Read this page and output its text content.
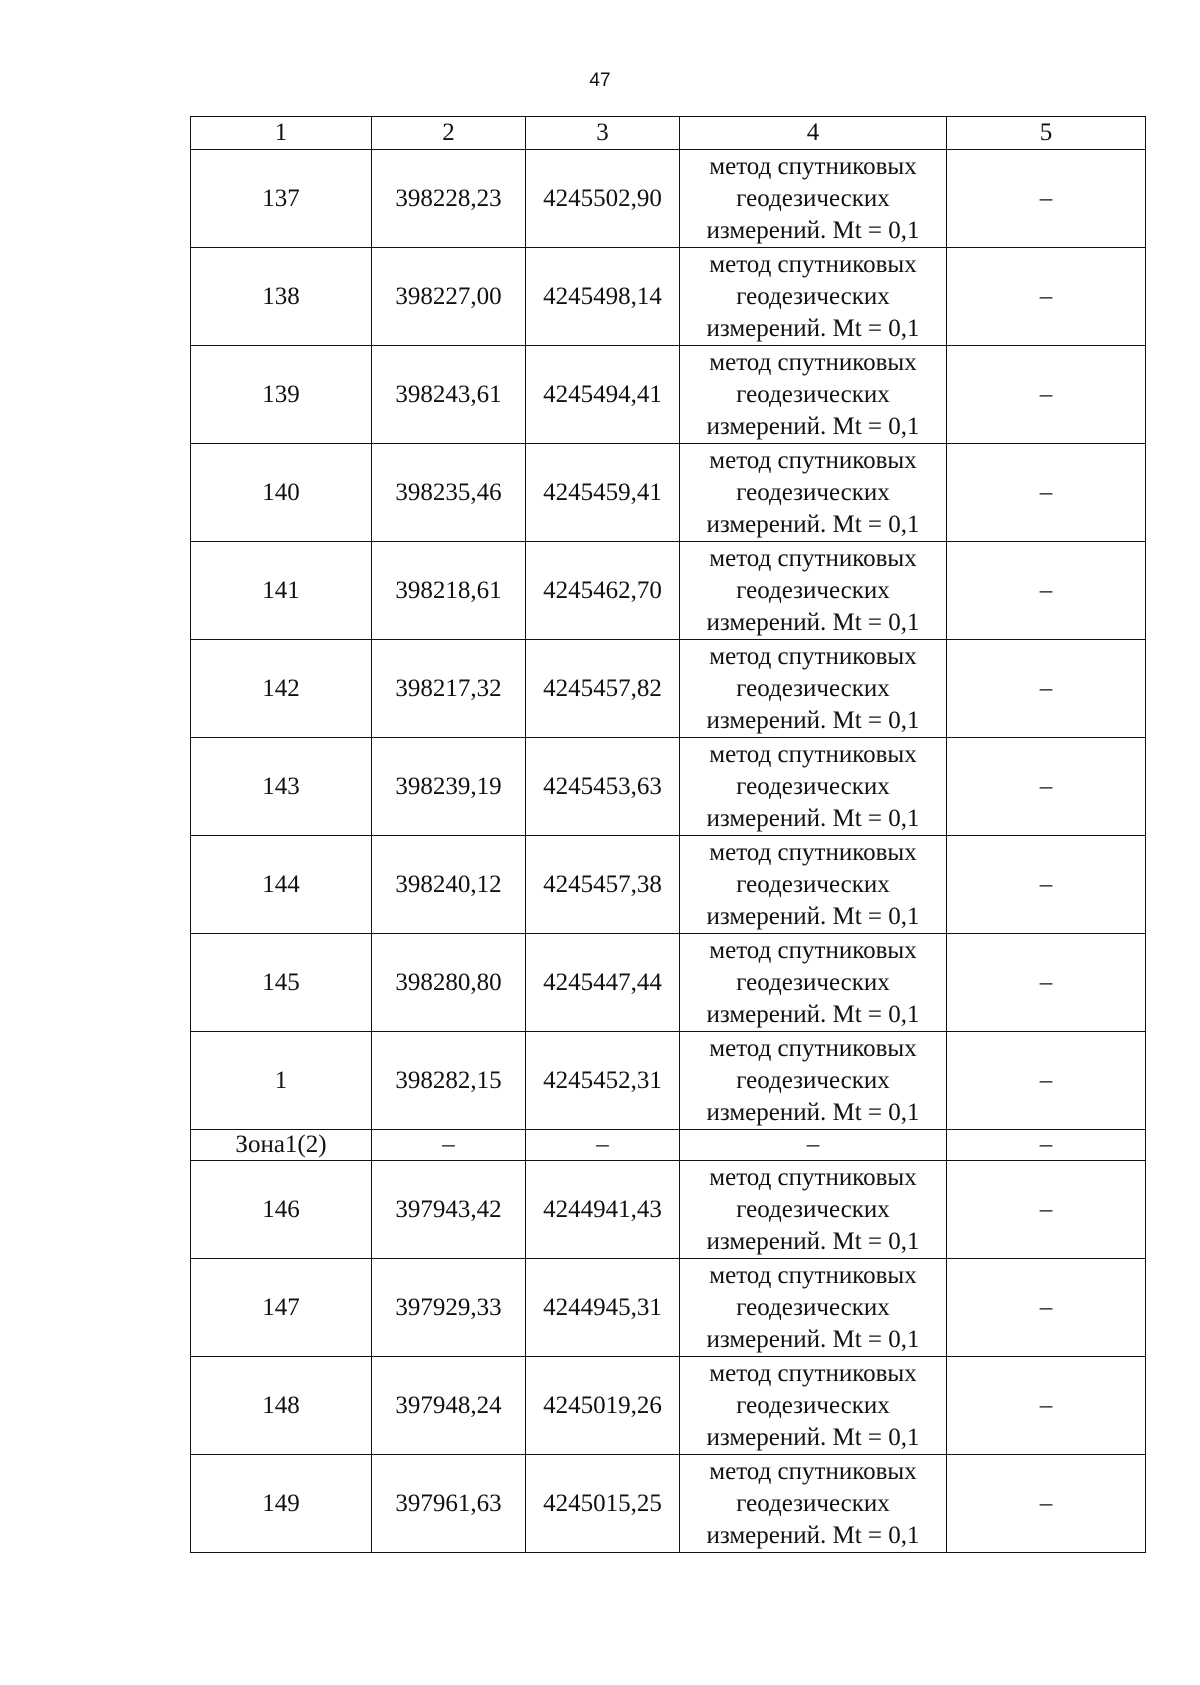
47
1	2	3	4	5
137	398228,23	4245502,90	метод спутниковых
геодезических
измерений. Mt = 0,1	–
138	398227,00	4245498,14	метод спутниковых
геодезических
измерений. Mt = 0,1	–
139	398243,61	4245494,41	метод спутниковых
геодезических
измерений. Mt = 0,1	–
140	398235,46	4245459,41	метод спутниковых
геодезических
измерений. Mt = 0,1	–
141	398218,61	4245462,70	метод спутниковых
геодезических
измерений. Mt = 0,1	–
142	398217,32	4245457,82	метод спутниковых
геодезических
измерений. Mt = 0,1	–
143	398239,19	4245453,63	метод спутниковых
геодезических
измерений. Mt = 0,1	–
144	398240,12	4245457,38	метод спутниковых
геодезических
измерений. Mt = 0,1	–
145	398280,80	4245447,44	метод спутниковых
геодезических
измерений. Mt = 0,1	–
1	398282,15	4245452,31	метод спутниковых
геодезических
измерений. Mt = 0,1	–
Зона1(2)	–	–	–	–
146	397943,42	4244941,43	метод спутниковых
геодезических
измерений. Mt = 0,1	–
147	397929,33	4244945,31	метод спутниковых
геодезических
измерений. Mt = 0,1	–
148	397948,24	4245019,26	метод спутниковых
геодезических
измерений. Mt = 0,1	–
149	397961,63	4245015,25	метод спутниковых
геодезических
измерений. Mt = 0,1	–
